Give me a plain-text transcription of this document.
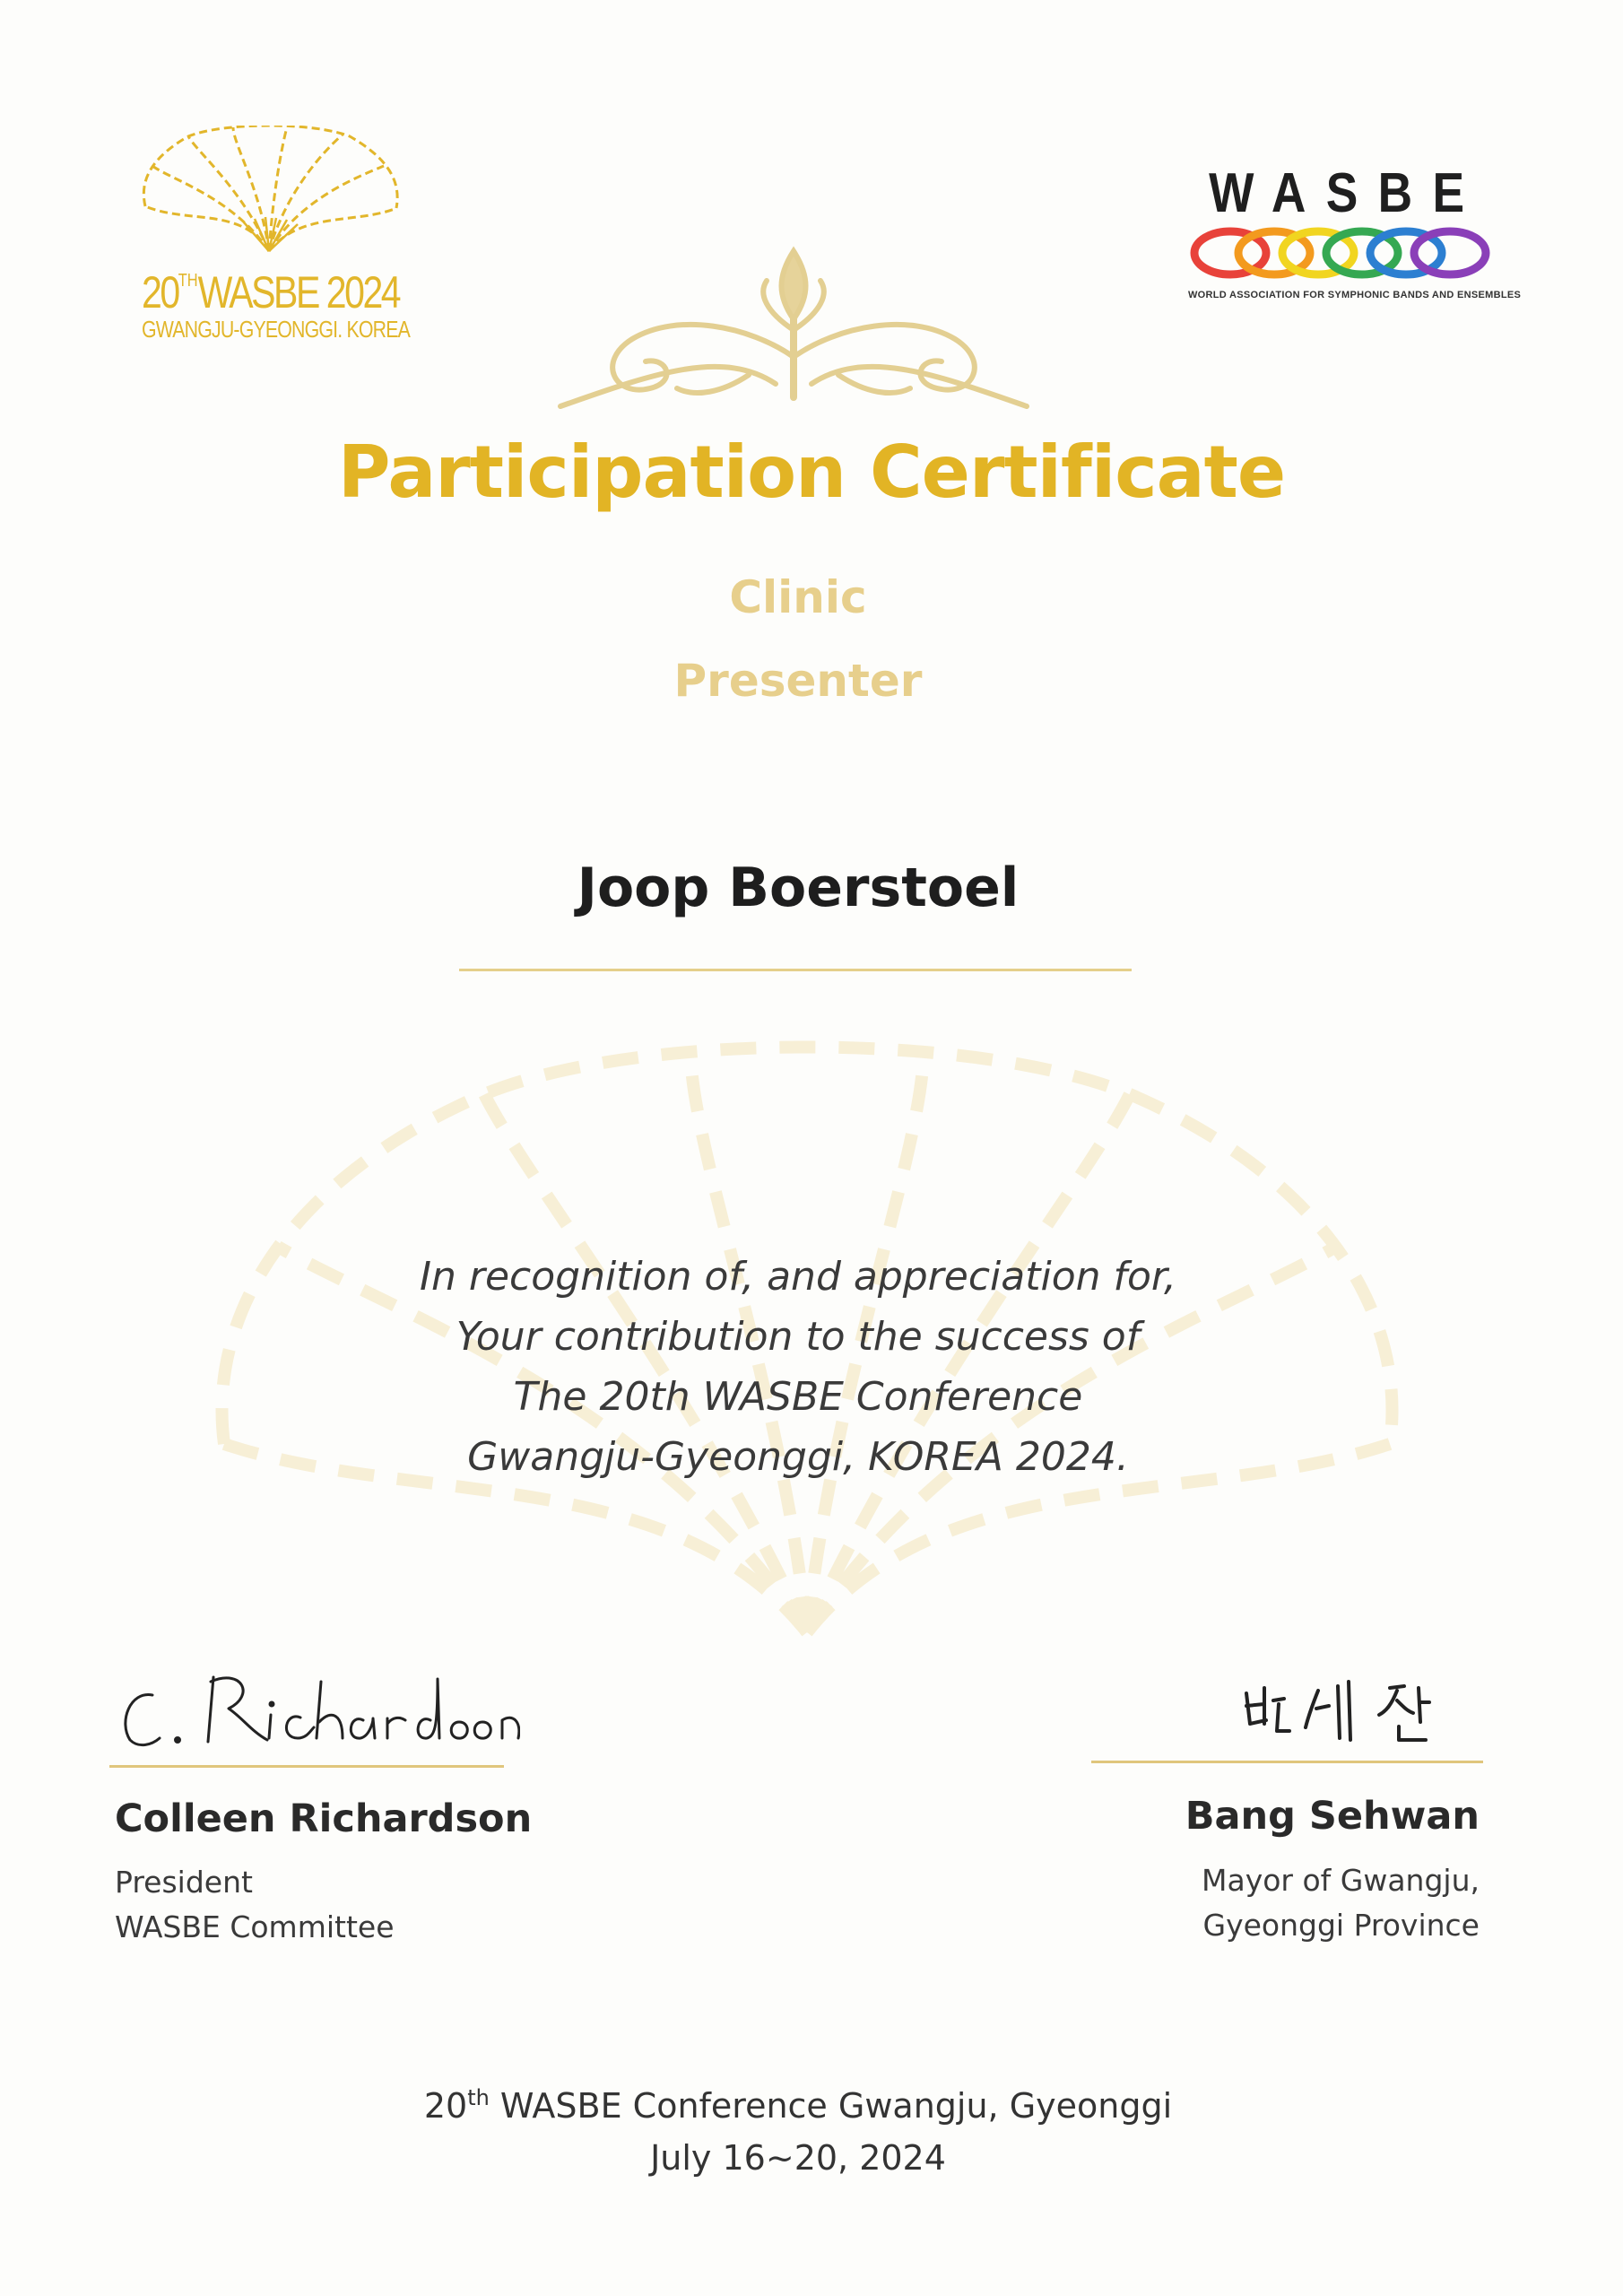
20THWASBE 2024
GWANGJU-GYEONGGI. KOREA
WASBE
WORLD ASSOCIATION FOR SYMPHONIC BANDS AND ENSEMBLES
Participation Certificate
Clinic
Presenter
Joop Boerstoel
In recognition of, and appreciation for,
Your contribution to the success of
The 20th WASBE Conference
Gwangju-Gyeonggi, KOREA 2024.
Colleen Richardson
President
WASBE Committee
Bang Sehwan
Mayor of Gwangju,
Gyeonggi Province
20th WASBE Conference Gwangju, Gyeonggi
July 16~20, 2024
